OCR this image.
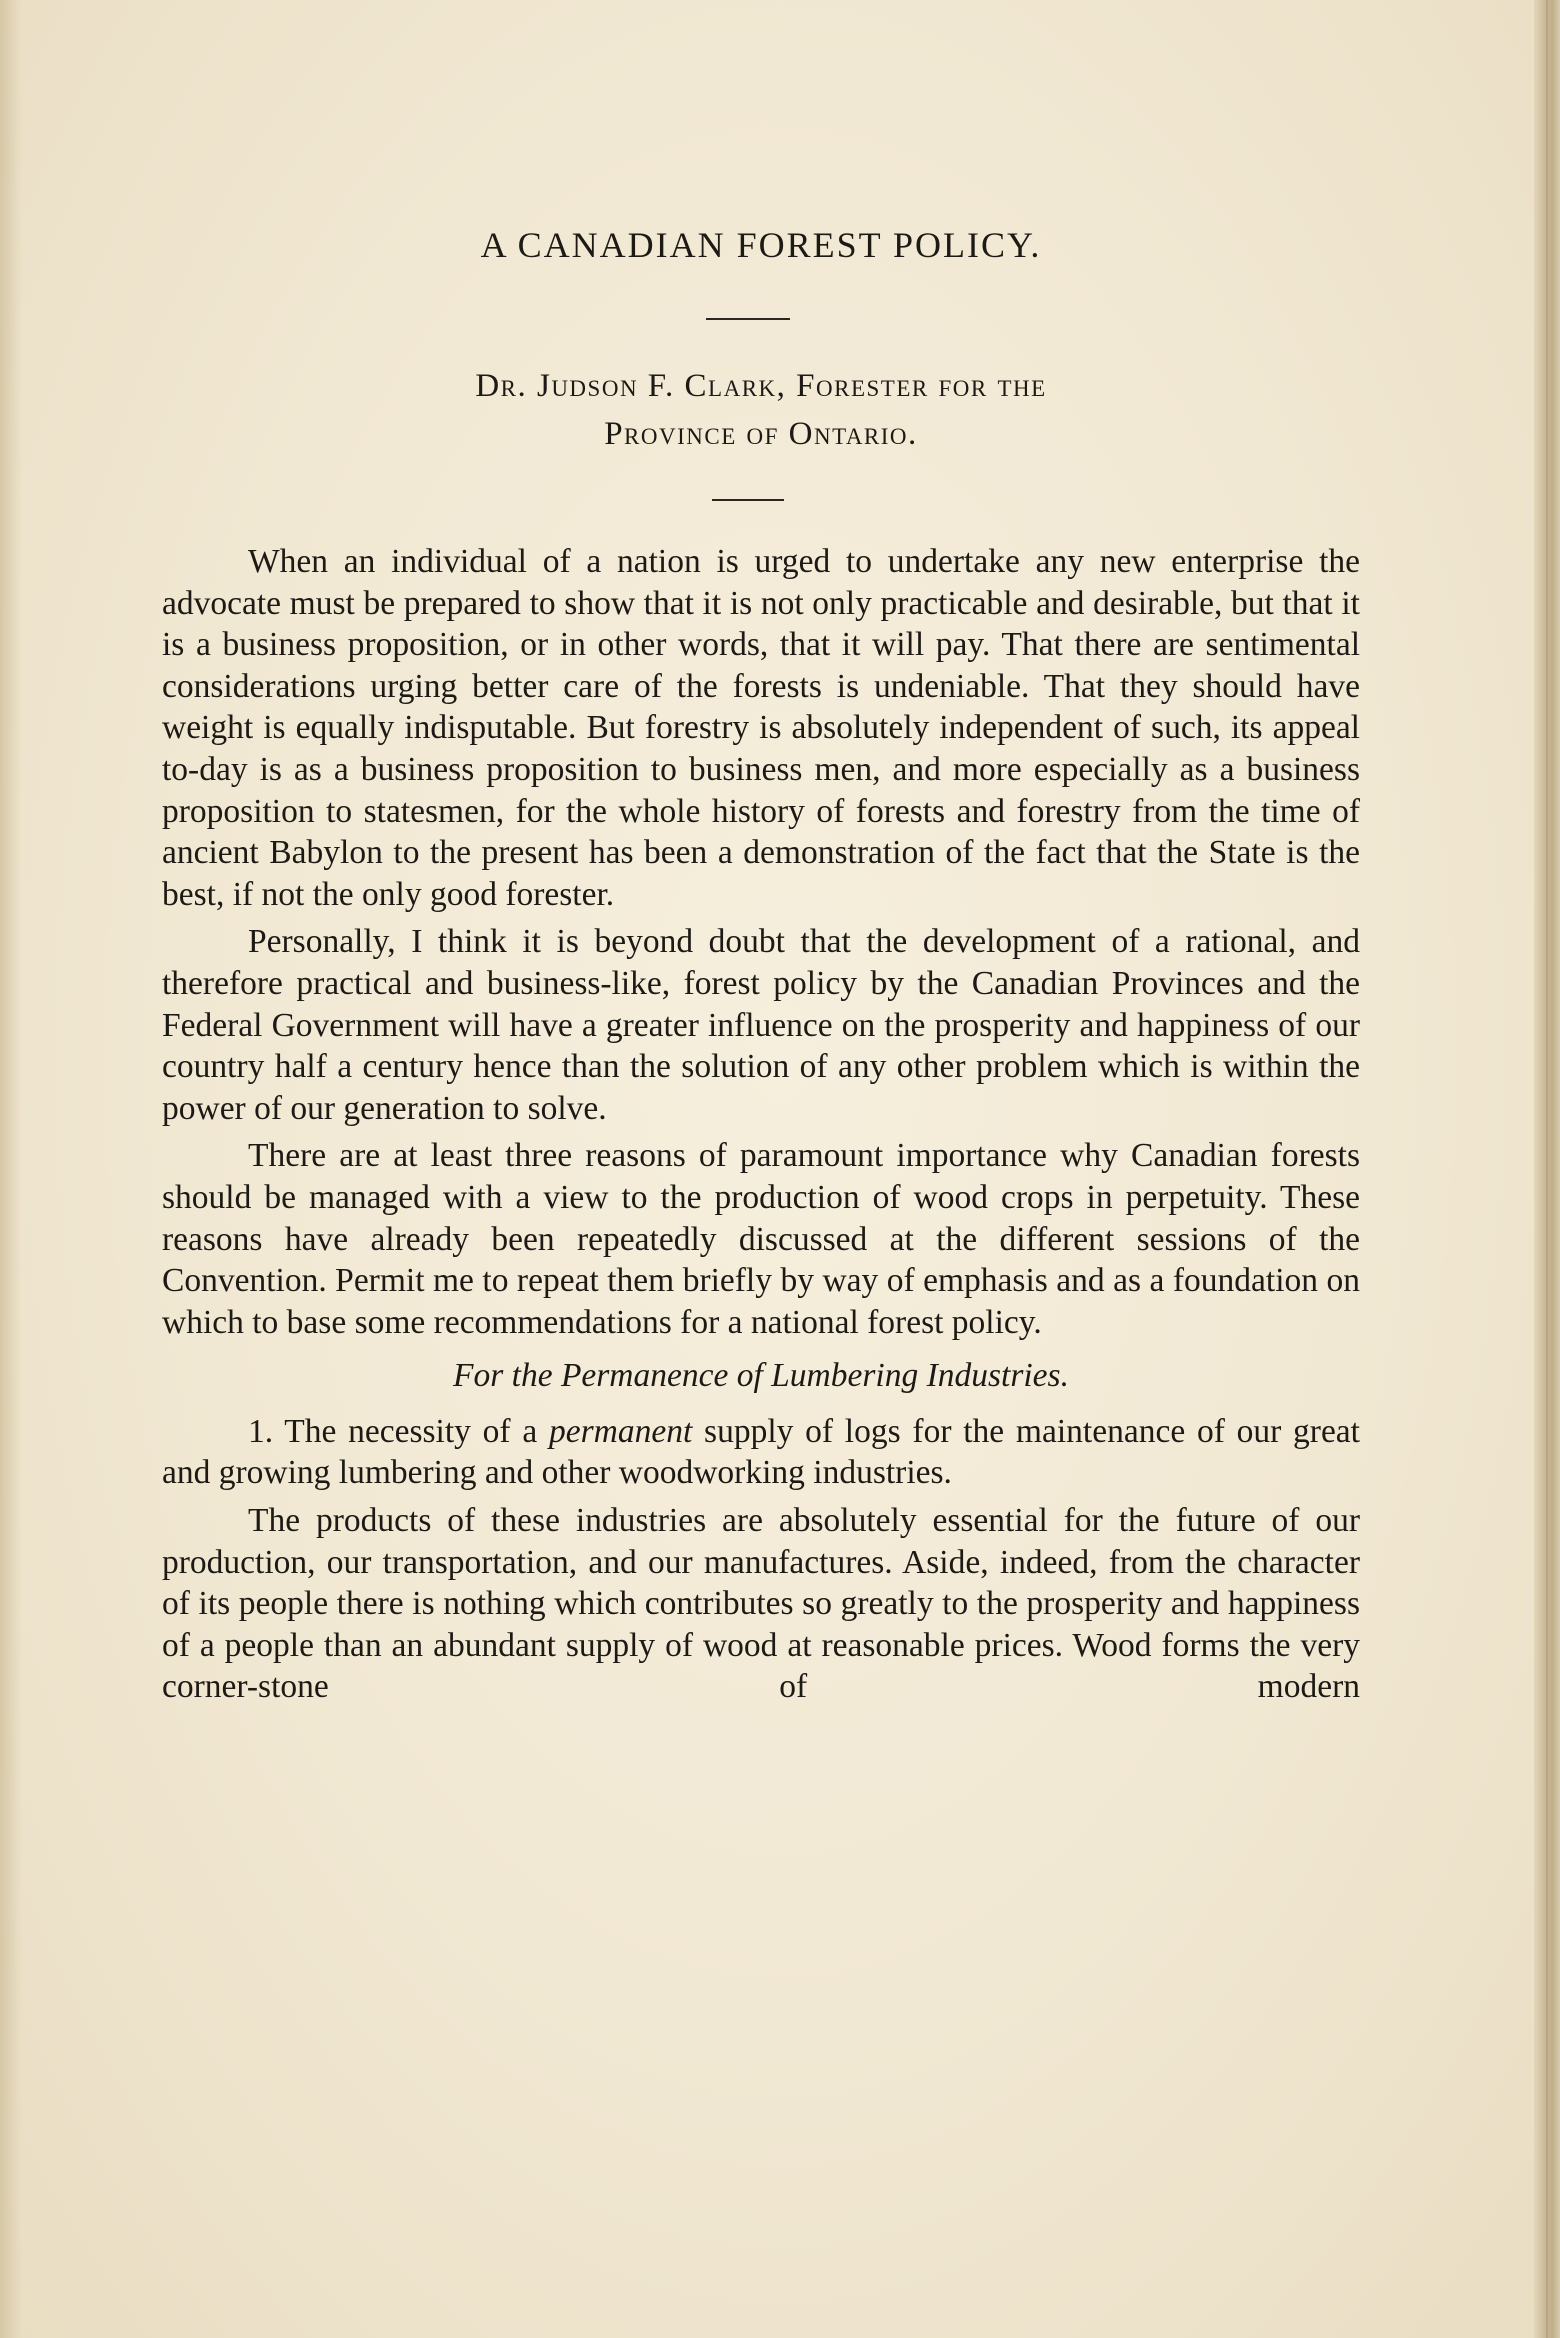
A CANADIAN FOREST POLICY.
Dr. Judson F. Clark, Forester for the
Province of Ontario.

When an individual of a nation is urged to undertake any new enterprise the advocate must be prepared to show that it is not only practicable and desirable, but that it is a business proposition, or in other words, that it will pay. That there are sentimental considerations urging better care of the forests is undeniable. That they should have weight is equally indisputable. But forestry is absolutely independent of such, its appeal to-day is as a business proposition to business men, and more especially as a business proposition to statesmen, for the whole history of forests and forestry from the time of ancient Babylon to the present has been a demonstration of the fact that the State is the best, if not the only good forester.

Personally, I think it is beyond doubt that the development of a rational, and therefore practical and business-like, forest policy by the Canadian Provinces and the Federal Government will have a greater influence on the prosperity and happiness of our country half a century hence than the solution of any other problem which is within the power of our generation to solve.

There are at least three reasons of paramount importance why Canadian forests should be managed with a view to the production of wood crops in perpetuity. These reasons have already been repeatedly discussed at the different sessions of the Convention. Permit me to repeat them briefly by way of emphasis and as a foundation on which to base some recommendations for a national forest policy.

For the Permanence of Lumbering Industries.

1. The necessity of a permanent supply of logs for the maintenance of our great and growing lumbering and other woodworking industries.

The products of these industries are absolutely essential for the future of our production, our transportation, and our manufactures. Aside, indeed, from the character of its people there is nothing which contributes so greatly to the prosperity and happiness of a people than an abundant supply of wood at reasonable prices. Wood forms the very corner-stone of modern
